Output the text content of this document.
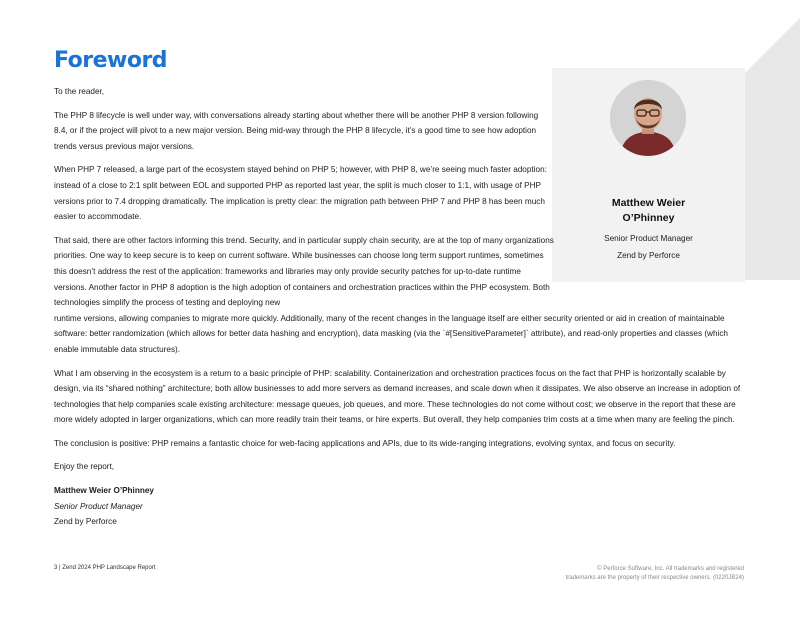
Foreword
Matthew Weier
O’Phinney
Senior Product Manager
Zend by Perforce

To the reader,

The PHP 8 lifecycle is well under way, with conversations already starting about whether there will be another PHP 8 version following 8.4, or if the project will pivot to a new major version. Being mid-way through the PHP 8 lifecycle, it’s a good time to see how adoption trends versus previous major versions.

When PHP 7 released, a large part of the ecosystem stayed behind on PHP 5; however, with PHP 8, we’re seeing much faster adoption: instead of a close to 2:1 split between EOL and supported PHP as reported last year, the split is much closer to 1:1, with usage of PHP versions prior to 7.4 dropping dramatically. The implication is pretty clear: the migration path between PHP 7 and PHP 8 has been much easier to accommodate.

That said, there are other factors informing this trend. Security, and in particular supply chain security, are at the top of many organizations priorities. One way to keep secure is to keep on current software. While businesses can choose long term support runtimes, sometimes this doesn’t address the rest of the application: frameworks and libraries may only provide security patches for up-to-date runtime versions. Another factor in PHP 8 adoption is the high adoption of containers and orchestration practices within the PHP ecosystem. Both technologies simplify the process of testing and deploying new

runtime versions, allowing companies to migrate more quickly. Additionally, many of the recent changes in the language itself are either security oriented or aid in creation of maintainable software: better randomization (which allows for better data hashing and encryption), data masking (via the `#[SensitiveParameter]` attribute), and read-only properties and classes (which enable immutable data structures).

What I am observing in the ecosystem is a return to a basic principle of PHP: scalability. Containerization and orchestration practices focus on the fact that PHP is horizontally scalable by design, via its “shared nothing” architecture; both allow businesses to add more servers as demand increases, and scale down when it dissipates. We also observe an increase in adoption of technologies that help companies scale existing architecture: message queues, job queues, and more. These technologies do not come without cost; we observe in the report that these are more widely adopted in larger organizations, which can more readily train their teams, or hire experts. But overall, they help companies trim costs at a time when many are feeling the pinch.

The conclusion is positive: PHP remains a fantastic choice for web-facing applications and APIs, due to its wide-ranging integrations, evolving syntax, and focus on security.

Enjoy the report,

Matthew Weier O’Phinney
Senior Product Manager
Zend by Perforce
3 | Zend 2024 PHP Landscape Report	© Perforce Software, Inc. All trademarks and registered
trademarks are the property of their respective owners. (0220JB24)
